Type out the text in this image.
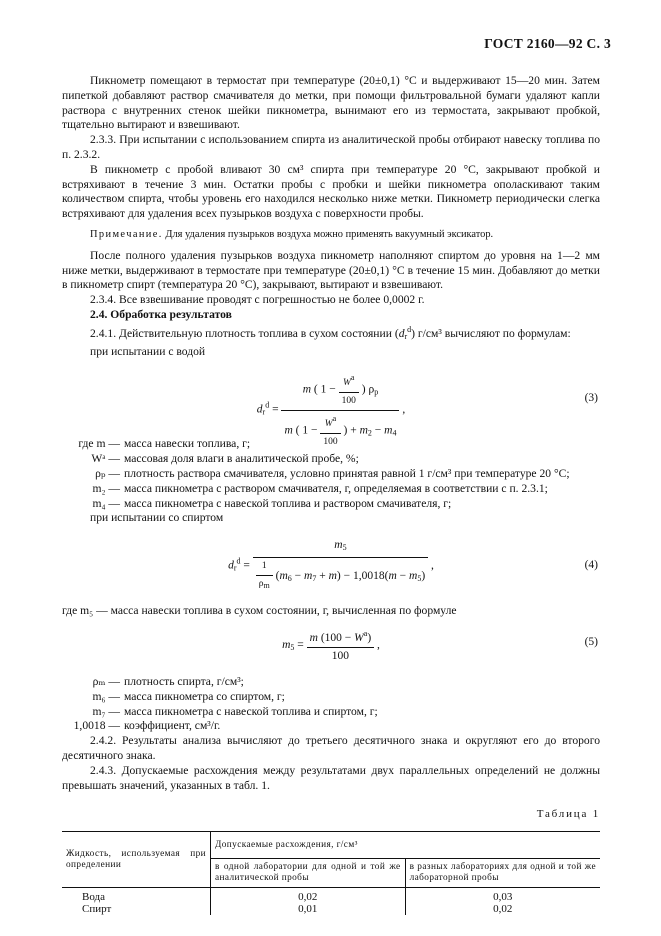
ГОСТ 2160—92 С. 3

Пикнометр помещают в термостат при температуре (20±0,1) °С и выдерживают 15—20 мин. Затем пипеткой добавляют раствор смачивателя до метки, при помощи фильтровальной бумаги удаляют капли раствора с внутренних стенок шейки пикнометра, вынимают его из термостата, закрывают пробкой, тщательно вытирают и взвешивают.

2.3.3. При испытании с использованием спирта из аналитической пробы отбирают навеску топлива по п. 2.3.2.

В пикнометр с пробой вливают 30 см³ спирта при температуре 20 °С, закрывают пробкой и встряхивают в течение 3 мин. Остатки пробы с пробки и шейки пикнометра ополаскивают таким количеством спирта, чтобы уровень его находился несколько ниже метки. Пикнометр периодически слегка встряхивают для удаления всех пузырьков воздуха с поверхности пробы.

Примечание. Для удаления пузырьков воздуха можно применять вакуумный эксикатор.

После полного удаления пузырьков воздуха пикнометр наполняют спиртом до уровня на 1—2 мм ниже метки, выдерживают в термостате при температуре (20±0,1) °С в течение 15 мин. Добавляют до метки в пикнометр спирт (температура 20 °С), закрывают, вытирают и взвешивают.

2.3.4. Все взвешивание проводят с погрешностью не более 0,0002 г.

2.4. Обработка результатов

2.4.1. Действительную плотность топлива в сухом состоянии $(d_r^d)$ г/см³ вычисляют по формулам:

при испытании с водой

$d_r^d = \frac{m ( 1 - \frac{W^a}{100} ) \rho_р}{m ( 1 - \frac{W^a}{100} ) + m_2 - m_4}$ ,
(3)
где m — масса навески топлива, г;
Wᵃ — массовая доля влаги в аналитической пробе, %;
ρₚ — плотность раствора смачивателя, условно принятая равной 1 г/см³ при температуре 20 °С;
m₂ — масса пикнометра с раствором смачивателя, г, определяемая в соответствии с п. 2.3.1;
m₄ — масса пикнометра с навеской топлива и раствором смачивателя, г;

при испытании со спиртом

$d_r^d = \frac{m_5}{\frac{1}{\rho_m} (m_6 - m_7 + m) - 1,0018(m - m_5)}$ ,	(4)

где m₅ — масса навески топлива в сухом состоянии, г, вычисленная по формуле

$m_5 = \frac{m (100 - W^a)}{100}$ ,	(5)
ρₘ — плотность спирта, г/см³;
m₆ — масса пикнометра со спиртом, г;
m₇ — масса пикнометра с навеской топлива и спиртом, г;
1,0018 — коэффициент, см³/г.

2.4.2. Результаты анализа вычисляют до третьего десятичного знака и округляют его до второго десятичного знака.

2.4.3. Допускаемые расхождения между результатами двух параллельных определений не должны превышать значений, указанных в табл. 1.

Таблица 1
Жидкость, используемая при определении	Допускаемые расхождения, г/см³	
	в одной лаборатории для одной и той же аналитической пробы	в разных лабораториях для одной и той же лабораторной пробы
Вода	0,02	0,03
Спирт	0,01	0,02
